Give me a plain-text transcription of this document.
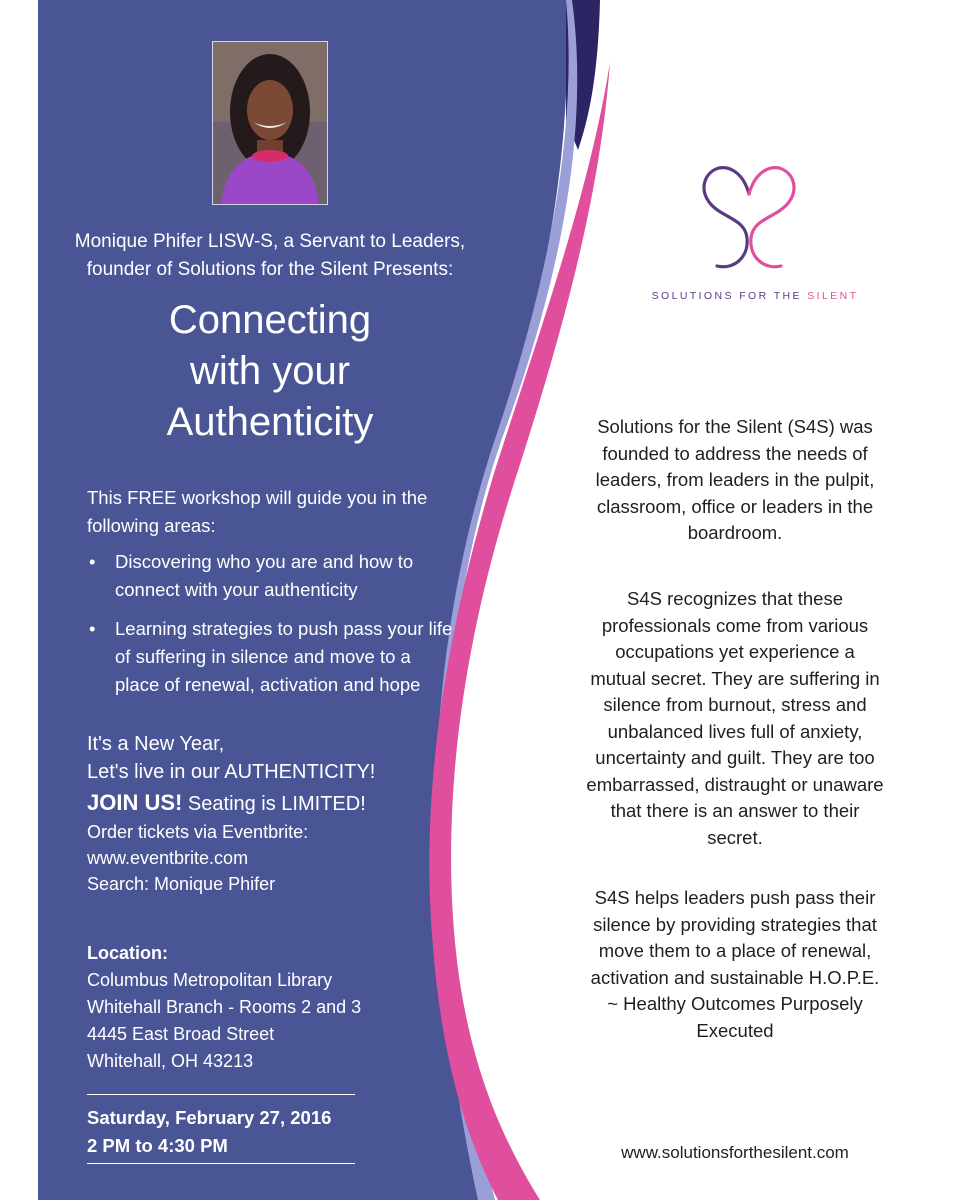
Monique Phifer LISW-S, a Servant to Leaders,
founder of Solutions for the Silent Presents:
Connecting
with your
Authenticity
This FREE workshop will guide you in the following areas:
• Discovering who you are and how to connect with your authenticity
• Learning strategies to push pass your life of suffering in silence and move to a place of renewal, activation and hope
It's a New Year,
Let's live in our AUTHENTICITY!
JOIN US! Seating is LIMITED!
Order tickets via Eventbrite:
www.eventbrite.com
Search: Monique Phifer
Location:
Columbus Metropolitan Library
Whitehall Branch - Rooms 2 and 3
4445 East Broad Street
Whitehall, OH 43213
Saturday, February 27, 2016
2 PM to 4:30 PM
SOLUTIONS FOR THE SILENT
Solutions for the Silent (S4S) was founded to address the needs of leaders, from leaders in the pulpit, classroom, office or leaders in the boardroom.
S4S recognizes that these professionals come from various occupations yet experience a mutual secret. They are suffering in silence from burnout, stress and unbalanced lives full of anxiety, uncertainty and guilt. They are too embarrassed, distraught or unaware that there is an answer to their secret.
S4S helps leaders push pass their silence by providing strategies that move them to a place of renewal, activation and sustainable H.O.P.E. ~ Healthy Outcomes Purposely Executed
www.solutionsforthesilent.com
